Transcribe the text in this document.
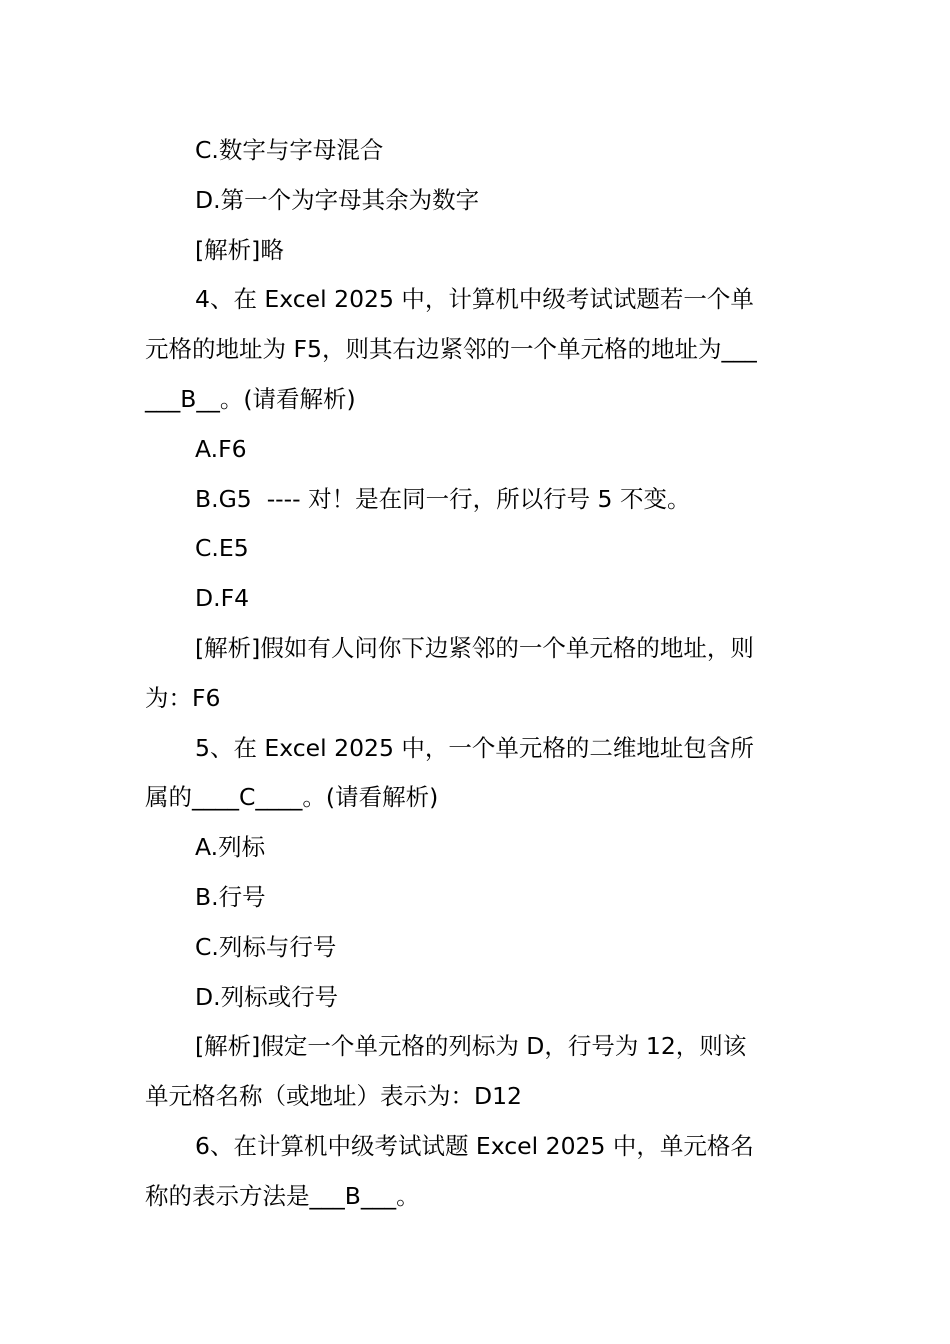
C.数字与字母混合

D.第一个为字母其余为数字

[解析]略

4、在 Excel 2025 中，计算机中级考试试题若一个单

元格的地址为 F5，则其右边紧邻的一个单元格的地址为___

___B__。(请看解析)

A.F6

B.G5  ---- 对！是在同一行，所以行号 5 不变。

C.E5

D.F4

[解析]假如有人问你下边紧邻的一个单元格的地址，则

为：F6

5、在 Excel 2025 中，一个单元格的二维地址包含所

属的____C____。(请看解析)

A.列标

B.行号

C.列标与行号

D.列标或行号

[解析]假定一个单元格的列标为 D，行号为 12，则该

单元格名称（或地址）表示为：D12

6、在计算机中级考试试题 Excel 2025 中，单元格名

称的表示方法是___B___。
